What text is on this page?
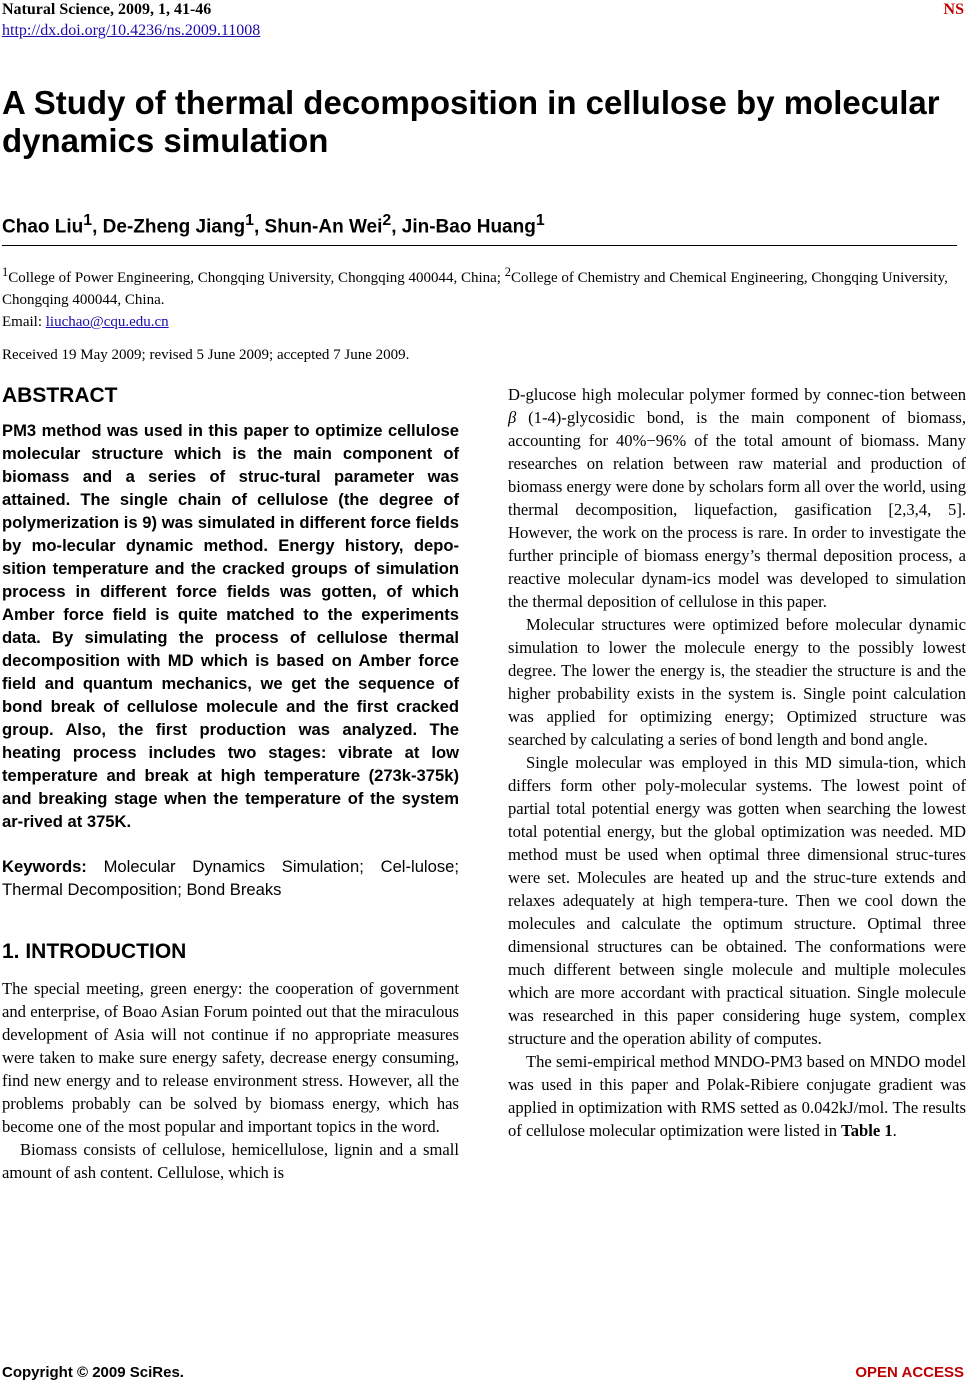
Natural Science, 2009, 1, 41-46
http://dx.doi.org/10.4236/ns.2009.11008
NS
A Study of thermal decomposition in cellulose by molecular dynamics simulation
Chao Liu$^1$, De-Zheng Jiang$^1$, Shun-An Wei$^2$, Jin-Bao Huang$^1$
$^1$College of Power Engineering, Chongqing University, Chongqing 400044, China; $^2$College of Chemistry and Chemical Engineering, Chongqing University, Chongqing 400044, China.
Email: liuchao@cqu.edu.cn
Received 19 May 2009; revised 5 June 2009; accepted 7 June 2009.
ABSTRACT

PM3 method was used in this paper to optimize cellulose molecular structure which is the main component of biomass and a series of struc-tural parameter was attained. The single chain of cellulose (the degree of polymerization is 9) was simulated in different force fields by mo-lecular dynamic method. Energy history, depo-sition temperature and the cracked groups of simulation process in different force fields was gotten, of which Amber force field is quite matched to the experiments data. By simulating the process of cellulose thermal decomposition with MD which is based on Amber force field and quantum mechanics, we get the sequence of bond break of cellulose molecule and the first cracked group. Also, the first production was analyzed. The heating process includes two stages: vibrate at low temperature and break at high temperature (273k-375k) and breaking stage when the temperature of the system ar-rived at 375K.

Keywords: Molecular Dynamics Simulation; Cel-lulose; Thermal Decomposition; Bond Breaks

1. INTRODUCTION

The special meeting, green energy: the cooperation of government and enterprise, of Boao Asian Forum pointed out that the miraculous development of Asia will not continue if no appropriate measures were taken to make sure energy safety, decrease energy consuming, find new energy and to release environment stress. However, all the problems probably can be solved by biomass energy, which has become one of the most popular and important topics in the word.

Biomass consists of cellulose, hemicellulose, lignin and a small amount of ash content. Cellulose, which is

D-glucose high molecular polymer formed by connec-tion between β (1-4)-glycosidic bond, is the main component of biomass, accounting for 40%−96% of the total amount of biomass. Many researches on relation between raw material and production of biomass energy were done by scholars form all over the world, using thermal decomposition, liquefaction, gasification [2,3,4, 5]. However, the work on the process is rare. In order to investigate the further principle of biomass energy’s thermal deposition process, a reactive molecular dynam-ics model was developed to simulation the thermal deposition of cellulose in this paper.

Molecular structures were optimized before molecular dynamic simulation to lower the molecule energy to the possibly lowest degree. The lower the energy is, the steadier the structure is and the higher probability exists in the system is. Single point calculation was applied for optimizing energy; Optimized structure was searched by calculating a series of bond length and bond angle.

Single molecular was employed in this MD simula-tion, which differs form other poly-molecular systems. The lowest point of partial total potential energy was gotten when searching the lowest total potential energy, but the global optimization was needed. MD method must be used when optimal three dimensional struc-tures were set. Molecules are heated up and the struc-ture extends and relaxes adequately at high tempera-ture. Then we cool down the molecules and calculate the optimum structure. Optimal three dimensional structures can be obtained. The conformations were much different between single molecule and multiple molecules which are more accordant with practical situation. Single molecule was researched in this paper considering huge system, complex structure and the operation ability of computes.

The semi-empirical method MNDO-PM3 based on MNDO model was used in this paper and Polak-Ribiere conjugate gradient was applied in optimization with RMS setted as 0.042kJ/mol. The results of cellulose molecular optimization were listed in Table 1.

Copyright © 2009 SciRes.	OPEN ACCESS
